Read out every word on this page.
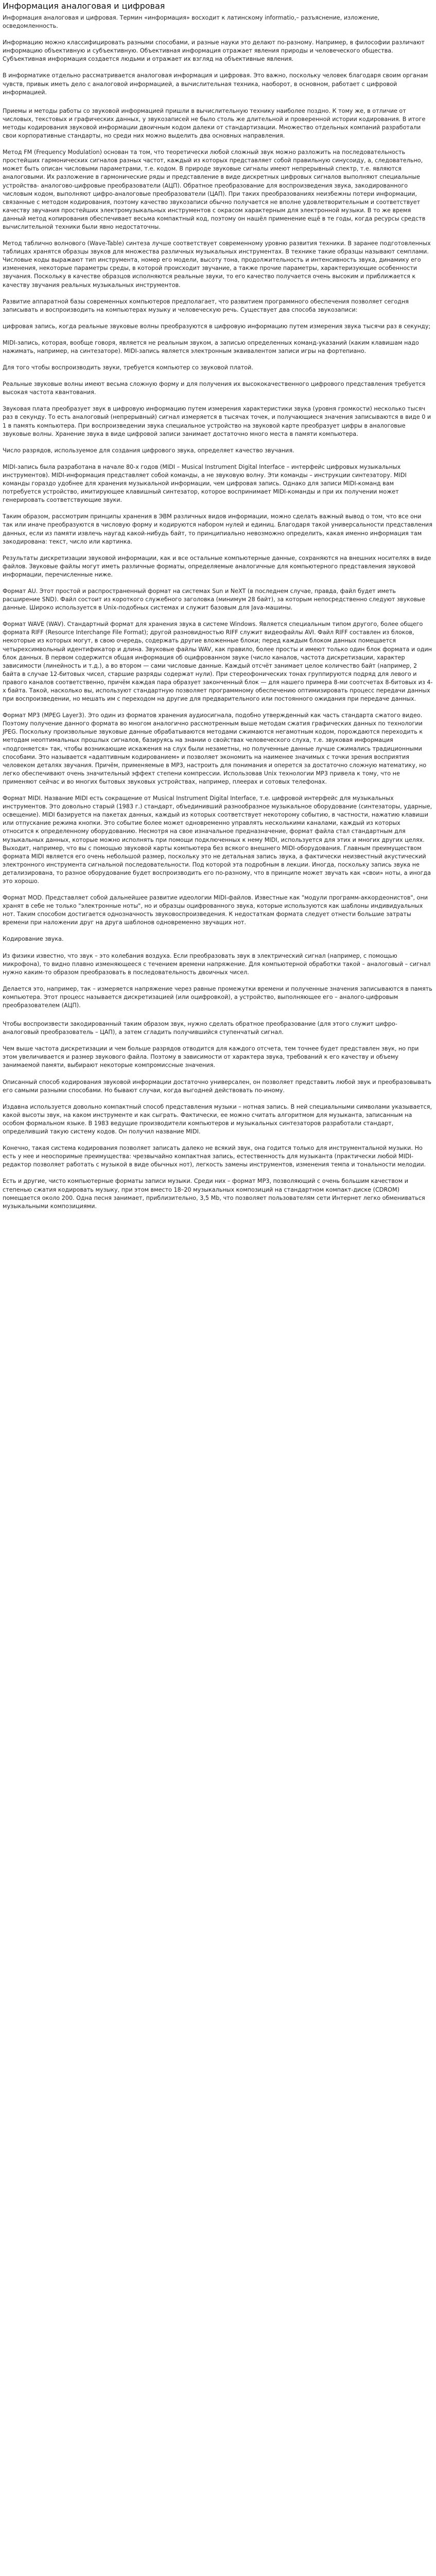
Информация аналоговая и цифровая

Информация аналоговая и цифровая. Термин «информация» восходит к латинскому informatio,– разъяснение, изложение, осведомленность.

Информацию можно классифицировать разными способами, и разные науки это делают по-разному. Например, в философии различают информацию объективную и субъективную. Объективная информация отражает явления природы и человеческого общества. Субъективная информация создается людьми и отражает их взгляд на объективные явления.

В информатике отдельно рассматривается аналоговая информация и цифровая. Это важно, поскольку человек благодаря своим органам чувств, привык иметь дело с аналоговой информацией, а вычислительная техника, наоборот, в основном, работает с цифровой информацией.

Приемы и методы работы со звуковой информацией пришли в вычислительную технику наиболее поздно. К тому же, в отличие от числовых, текстовых и графических данных, у звукозаписей не было столь же длительной и проверенной истории кодирования. В итоге методы кодирования звуковой информации двоичным кодом далеки от стандартизации. Множество отдельных компаний разработали свои корпоративные стандарты, но среди них можно выделить два основных направления.

Метод FM (Frequency Modulation) основан та том, что теоретически любой сложный звук можно разложить на последовательность простейших гармонических сигналов разных частот, каждый из которых представляет собой правильную синусоиду, а, следовательно, может быть описан числовыми параметрами, т.е. кодом. В природе звуковые сигналы имеют непрерывный спектр, т.е. являются аналоговыми. Их разложение в гармонические ряды и представление в виде дискретных цифровых сигналов выполняют специальные устройства- аналогово-цифровые преобразователи (АЦП). Обратное преобразование для воспроизведения звука, закодированного числовым кодом, выполняют цифро-аналоговые преобразователи (ЦАП). При таких преобразованиях неизбежны потери информации, связанные с методом кодирования, поэтому качество звукозаписи обычно получается не вполне удовлетворительным и соответствует качеству звучания простейших электромузыкальных инструментов с окрасом характерным для электронной музыки. В то же время данный метод копирования обеспечивает весьма компактный код, поэтому он нашёл применение ещё в те годы, когда ресурсы средств вычислительной техники были явно недостаточны.

Метод таблично волнового (Wave-Table) синтеза лучше соответствует современному уровню развития техники. В заранее подготовленных таблицах хранятся образцы звуков для множества различных музыкальных инструментах. В технике такие образцы называют семплами. Числовые коды выражают тип инструмента, номер его модели, высоту тона, продолжительность и интенсивность звука, динамику его изменения, некоторые параметры среды, в которой происходит звучание, а также прочие параметры, характеризующие особенности звучания. Поскольку в качестве образцов исполняются реальные звуки, то его качество получается очень высоким и приближается к качеству звучания реальных музыкальных инструментов.

Развитие аппаратной базы современных компьютеров предполагает, что развитием программного обеспечения позволяет сегодня записывать и воспроизводить на компьютерах музыку и человеческую речь. Существует два способа звукозаписи:

цифровая запись, когда реальные звуковые волны преобразуются в цифровую информацию путем измерения звука тысячи раз в секунду;

MIDI-запись, которая, вообще говоря, является не реальным звуком, а записью определенных команд-указаний (каким клавишам надо нажимать, например, на синтезаторе). MIDI-запись является электронным эквивалентом записи игры на фортепиано.

Для того чтобы воспроизводить звуки, требуется компьютер со звуковой платой.

Реальные звуковые волны имеют весьма сложную форму и для получения их высококачественного цифрового представления требуется высокая частота квантования.

Звуковая плата преобразует звук в цифровую информацию путем измерения характеристики звука (уровня громкости) несколько тысяч раз в секунду. То есть аналоговый (непрерывный) сигнал измеряется в тысячах точек, и получающиеся значения записываются в виде 0 и 1 в память компьютера. При воспроизведении звука специальное устройство на звуковой карте преобразует цифры в аналоговые звуковые волны. Хранение звука в виде цифровой записи занимает достаточно много места в памяти компьютера.

Число разрядов, используемое для создания цифрового звука, определяет качество звучания.

MIDI-запись была разработана в начале 80-х годов (MIDI – Musical Instrument Digital Interface – интерфейс цифровых музыкальных инструментов). MIDI-информация представляет собой команды, а не звуковую волну. Эти команды – инструкции синтезатору. MIDI команды гораздо удобнее для хранения музыкальной информации, чем цифровая запись. Однако для записи MIDI-команд вам потребуется устройство, имитирующее клавишный синтезатор, которое воспринимает MIDI-команды и при их получении может генерировать соответствующие звуки.

Таким образом, рассмотрим принципы хранения в ЭВМ различных видов информации, можно сделать важный вывод о том, что все они так или иначе преобразуются в числовую форму и кодируются набором нулей и единиц. Благодаря такой универсальности представления данных, если из памяти извлечь наугад какой-нибудь байт, то принципиально невозможно определить, какая именно информация там закодирована: текст, число или картинка.

Результаты дискретизации звуковой информации, как и все остальные компьютерные данные, сохраняются на внешних носителях в виде файлов. Звуковые файлы могут иметь различные форматы, определяемые аналогичные для компьютерного представления звуковой информации, перечисленные ниже.

Формат AU. Этот простой и распространенный формат на системах Sun и NeXT (в последнем случае, правда, файл будет иметь расширение SND). Файл состоит из короткого служебного заголовка (минимум 28 байт), за которым непосредственно следуют звуковые данные. Широко используется в Unix-подобных системах и служит базовым для Java-машины.

Формат WAVE (WAV). Стандартный формат для хранения звука в системе Windows. Является специальным типом другого, более общего формата RIFF (Resource Interchange File Format); другой разновидностью RIFF служит видеофайлы AVI. Файл RIFF составлен из блоков, некоторые из которых могут, в свою очередь, содержать другие вложенные блоки; перед каждым блоком данных помещается четырехсимвольный идентификатор и длина. Звуковые файлы WAV, как правило, более просты и имеют только один блок формата и один блок данных. В первом содержится общая информация об оцифрованном звуке (число каналов, частота дискретизации, характер зависимости (линейность и т.д.), а во втором — сами числовые данные. Каждый отсчёт занимает целое количество байт (например, 2 байта в случае 12-битовых чисел, старшие разряды содержат нули). При стереофонических тонах группируются подряд для левого и правого каналов соответственно, причём каждая пара образует законченный блок — для нашего примера 8-ми соотсчетах 8-битовых из 4-х байта. Такой, насколько вы, используют стандартную позволяет программному обеспечению оптимизировать процесс передачи данных при воспроизведении, но мешать им с переходом на другие для предварительного или постоянного ожидания при передаче данных.

Формат MP3 (MPEG Layer3). Это один из форматов хранения аудиосигнала, подобно утвержденный как часть стандарта сжатого видео. Поэтому получение данного формата во многом аналогично рассмотренным выше методам сжатия графических данных по технологии JPEG. Поскольку произвольные звуковые данные обрабатываются методами сжимаются негамотным кодом, порождаются переходить к методам неоптимальных прошлых сигналов, базируясь на знании о свойствах человеческого слуха, т.е. звуковая информация «подгоняется» так, чтобы возникающие искажения на слух были незаметны, но полученные данные лучше сжимались традиционными способами. Это называется «адаптивным кодированием» и позволяет экономить на наименее значимых с точки зрения восприятия человеком деталях звучания. Причём, применяемые в MP3, настроить для понимания и оперется за достаточно сложную математику, но легко обеспечивают очень значительный эффект степени компрессии. Использовав Unix технологии MP3 привела к тому, что не применяют сейчас и во многих бытовых звуковых устройствах, например, плеерах и сотовых телефонах.

Формат MIDI. Название MIDI есть сокращение от Musical Instrument Digital Interface, т.е. цифровой интерфейс для музыкальных инструментов. Это довольно старый (1983 г.) стандарт, объединивший разнообразное музыкальное оборудование (синтезаторы, ударные, освещение). MIDI базируется на пакетах данных, каждый из которых соответствует некоторому событию, в частности, нажатию клавиши или отпускание режима кнопки. Это событие более может одновременно управлять несколькими каналами, каждый из которых относится к определенному оборудованию. Несмотря на свое изначальное предназначение, формат файла стал стандартным для музыкальных данных, которые можно исполнять при помощи подключенных к нему МIDI, используется для этих и многих других целях. Выходит, например, что вы с помощью звуковой карты компьютера без всякого внешнего MIDI-оборудования. Главным преимуществом формата MIDI является его очень небольшой размер, поскольку это не детальная запись звука, а фактически неизвестный акустический электронного инструмента сигнальной последовательности. Под которой эта подробным в лекции. Иногда, поскольку запись звука не детализирована, то разное оборудование будет воспроизводить его по-разному, что в принципе может звучать как «свои» ноты, а иногда это хорошо.

Формат MOD. Представляет собой дальнейшее развитие идеологии MIDI-файлов. Известные как "модули программ-аккордеонистов", они хранят в себе не только "электронные ноты", но и образцы оцифрованного звука, которые используются как шаблоны индивидуальных нот. Таким способом достигается однозначность звуковоспроизведения. К недостаткам формата следует отнести большие затраты времени при наложении друг на друга шаблонов одновременно звучащих нот.

Кодирование звука.

Из физики известно, что звук – это колебания воздуха. Если преобразовать звук в электрический сигнал (например, с помощью микрофона), то видно плавно изменяющееся с течением времени напряжение. Для компьютерной обработки такой – аналоговый – сигнал нужно каким-то образом преобразовать в последовательность двоичных чисел.

Делается это, например, так – измеряется напряжение через равные промежутки времени и полученные значения записываются в память компьютера. Этот процесс называется дискретизацией (или оцифровкой), а устройство, выполняющее его – аналого-цифровым преобразователем (АЦП).

Чтобы воспроизвести закодированный таким образом звук, нужно сделать обратное преобразование (для этого служит цифро-аналоговый преобразователь – ЦАП), а затем сгладить получившийся ступенчатый сигнал.

Чем выше частота дискретизации и чем больше разрядов отводится для каждого отсчета, тем точнее будет представлен звук, но при этом увеличивается и размер звукового файла. Поэтому в зависимости от характера звука, требований к его качеству и объему занимаемой памяти, выбирают некоторые компромиссные значения.

Описанный способ кодирования звуковой информации достаточно универсален, он позволяет представить любой звук и преобразовывать его самыми разными способами. Но бывают случаи, когда выгодней действовать по-иному.

Издавна используется довольно компактный способ представления музыки – нотная запись. В ней специальными символами указывается, какой высоты звук, на каком инструменте и как сыграть. Фактически, ее можно считать алгоритмом для музыканта, записанным на особом формальном языке. В 1983 ведущие производители компьютеров и музыкальных синтезаторов разработали стандарт, определивший такую систему кодов. Он получил название MIDI.

Конечно, такая система кодирования позволяет записать далеко не всякий звук, она годится только для инструментальной музыки. Но есть у нее и неоспоримые преимущества: чрезвычайно компактная запись, естественность для музыканта (практически любой MIDI-редактор позволяет работать с музыкой в виде обычных нот), легкость замены инструментов, изменения темпа и тональности мелодии.

Есть и другие, чисто компьютерные форматы записи музыки. Среди них – формат MP3, позволяющий с очень большим качеством и степенью сжатия кодировать музыку, при этом вместо 18–20 музыкальных композиций на стандартном компакт-диске (CDROM) помещается около 200. Одна песня занимает, приблизительно, 3,5 Mb, что позволяет пользователям сети Интернет легко обмениваться музыкальными композициями.
